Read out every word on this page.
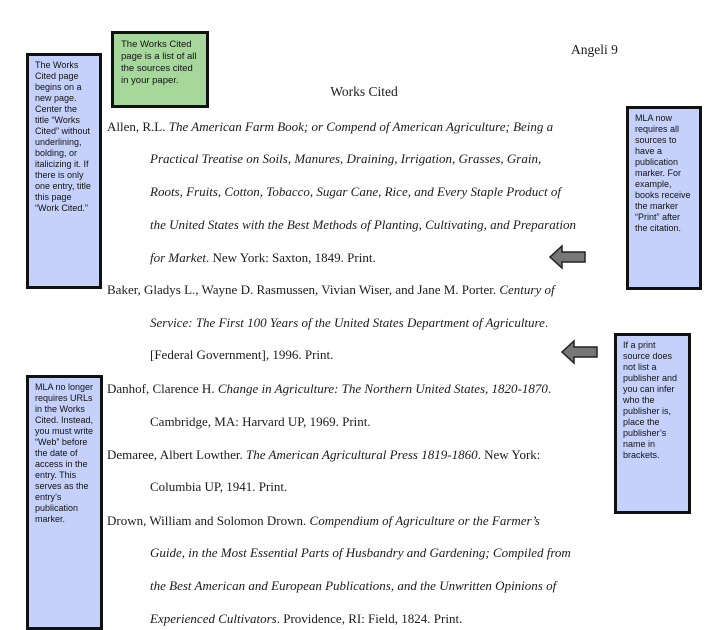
Angeli 9
Works Cited
Allen, R.L. The American Farm Book; or Compend of American Agriculture; Being a
Practical Treatise on Soils, Manures, Draining, Irrigation, Grasses, Grain,
Roots, Fruits, Cotton, Tobacco, Sugar Cane, Rice, and Every Staple Product of
the United States with the Best Methods of Planting, Cultivating, and Preparation
for Market. New York: Saxton, 1849. Print.
Baker, Gladys L., Wayne D. Rasmussen, Vivian Wiser, and Jane M. Porter. Century of
Service: The First 100 Years of the United States Department of Agriculture.
[Federal Government], 1996. Print.
Danhof, Clarence H. Change in Agriculture: The Northern United States, 1820-1870.
Cambridge, MA: Harvard UP, 1969. Print.
Demaree, Albert Lowther. The American Agricultural Press 1819-1860. New York:
Columbia UP, 1941. Print.
Drown, William and Solomon Drown. Compendium of Agriculture or the Farmer’s
Guide, in the Most Essential Parts of Husbandry and Gardening; Compiled from
the Best American and European Publications, and the Unwritten Opinions of
Experienced Cultivators. Providence, RI: Field, 1824. Print.
The Works Cited page begins on a new page. Center the title “Works Cited” without underlining, bolding, or italicizing it. If there is only one entry, title this page “Work Cited.”
The Works Cited page is a list of all the sources cited in your paper.
MLA now requires all sources to have a publication marker. For example, books receive the marker “Print” after the citation.
MLA no longer requires URLs in the Works Cited. Instead, you must write “Web” before the date of access in the entry. This serves as the entry’s publication marker.
If a print source does not list a publisher and you can infer who the publisher is, place the publisher’s name in brackets.
